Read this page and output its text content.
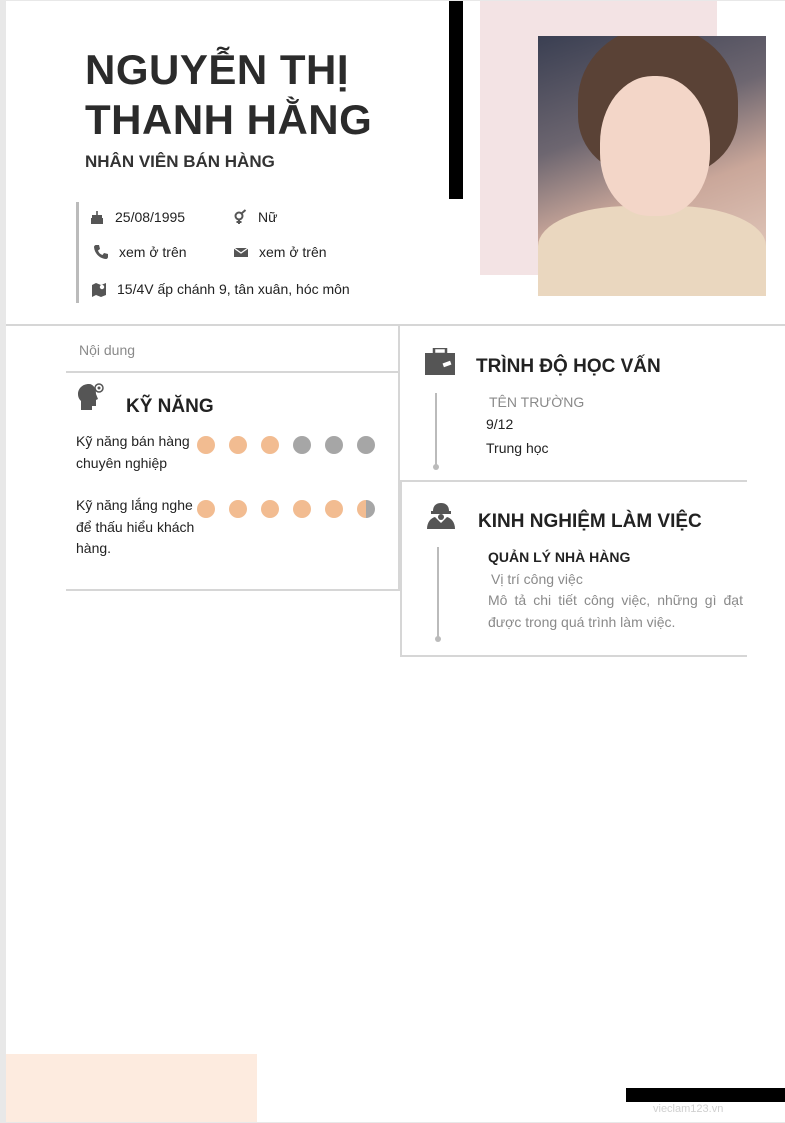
NGUYỄN THỊ
THANH HẰNG
NHÂN VIÊN BÁN HÀNG
25/08/1995	Nữ
xem ở trên	xem ở trên
15/4V ấp chánh 9, tân xuân, hóc môn
Nội dung
KỸ NĂNG
Kỹ năng bán hàng chuyên nghiệp
Kỹ năng lắng nghe để thấu hiểu khách hàng.
TRÌNH ĐỘ HỌC VẤN
TÊN TRƯỜNG
9/12
Trung học
KINH NGHIỆM LÀM VIỆC
QUẢN LÝ NHÀ HÀNG
Vị trí công việc
Mô tả chi tiết công việc, những gì đạt được trong quá trình làm việc.
vieclam123.vn
